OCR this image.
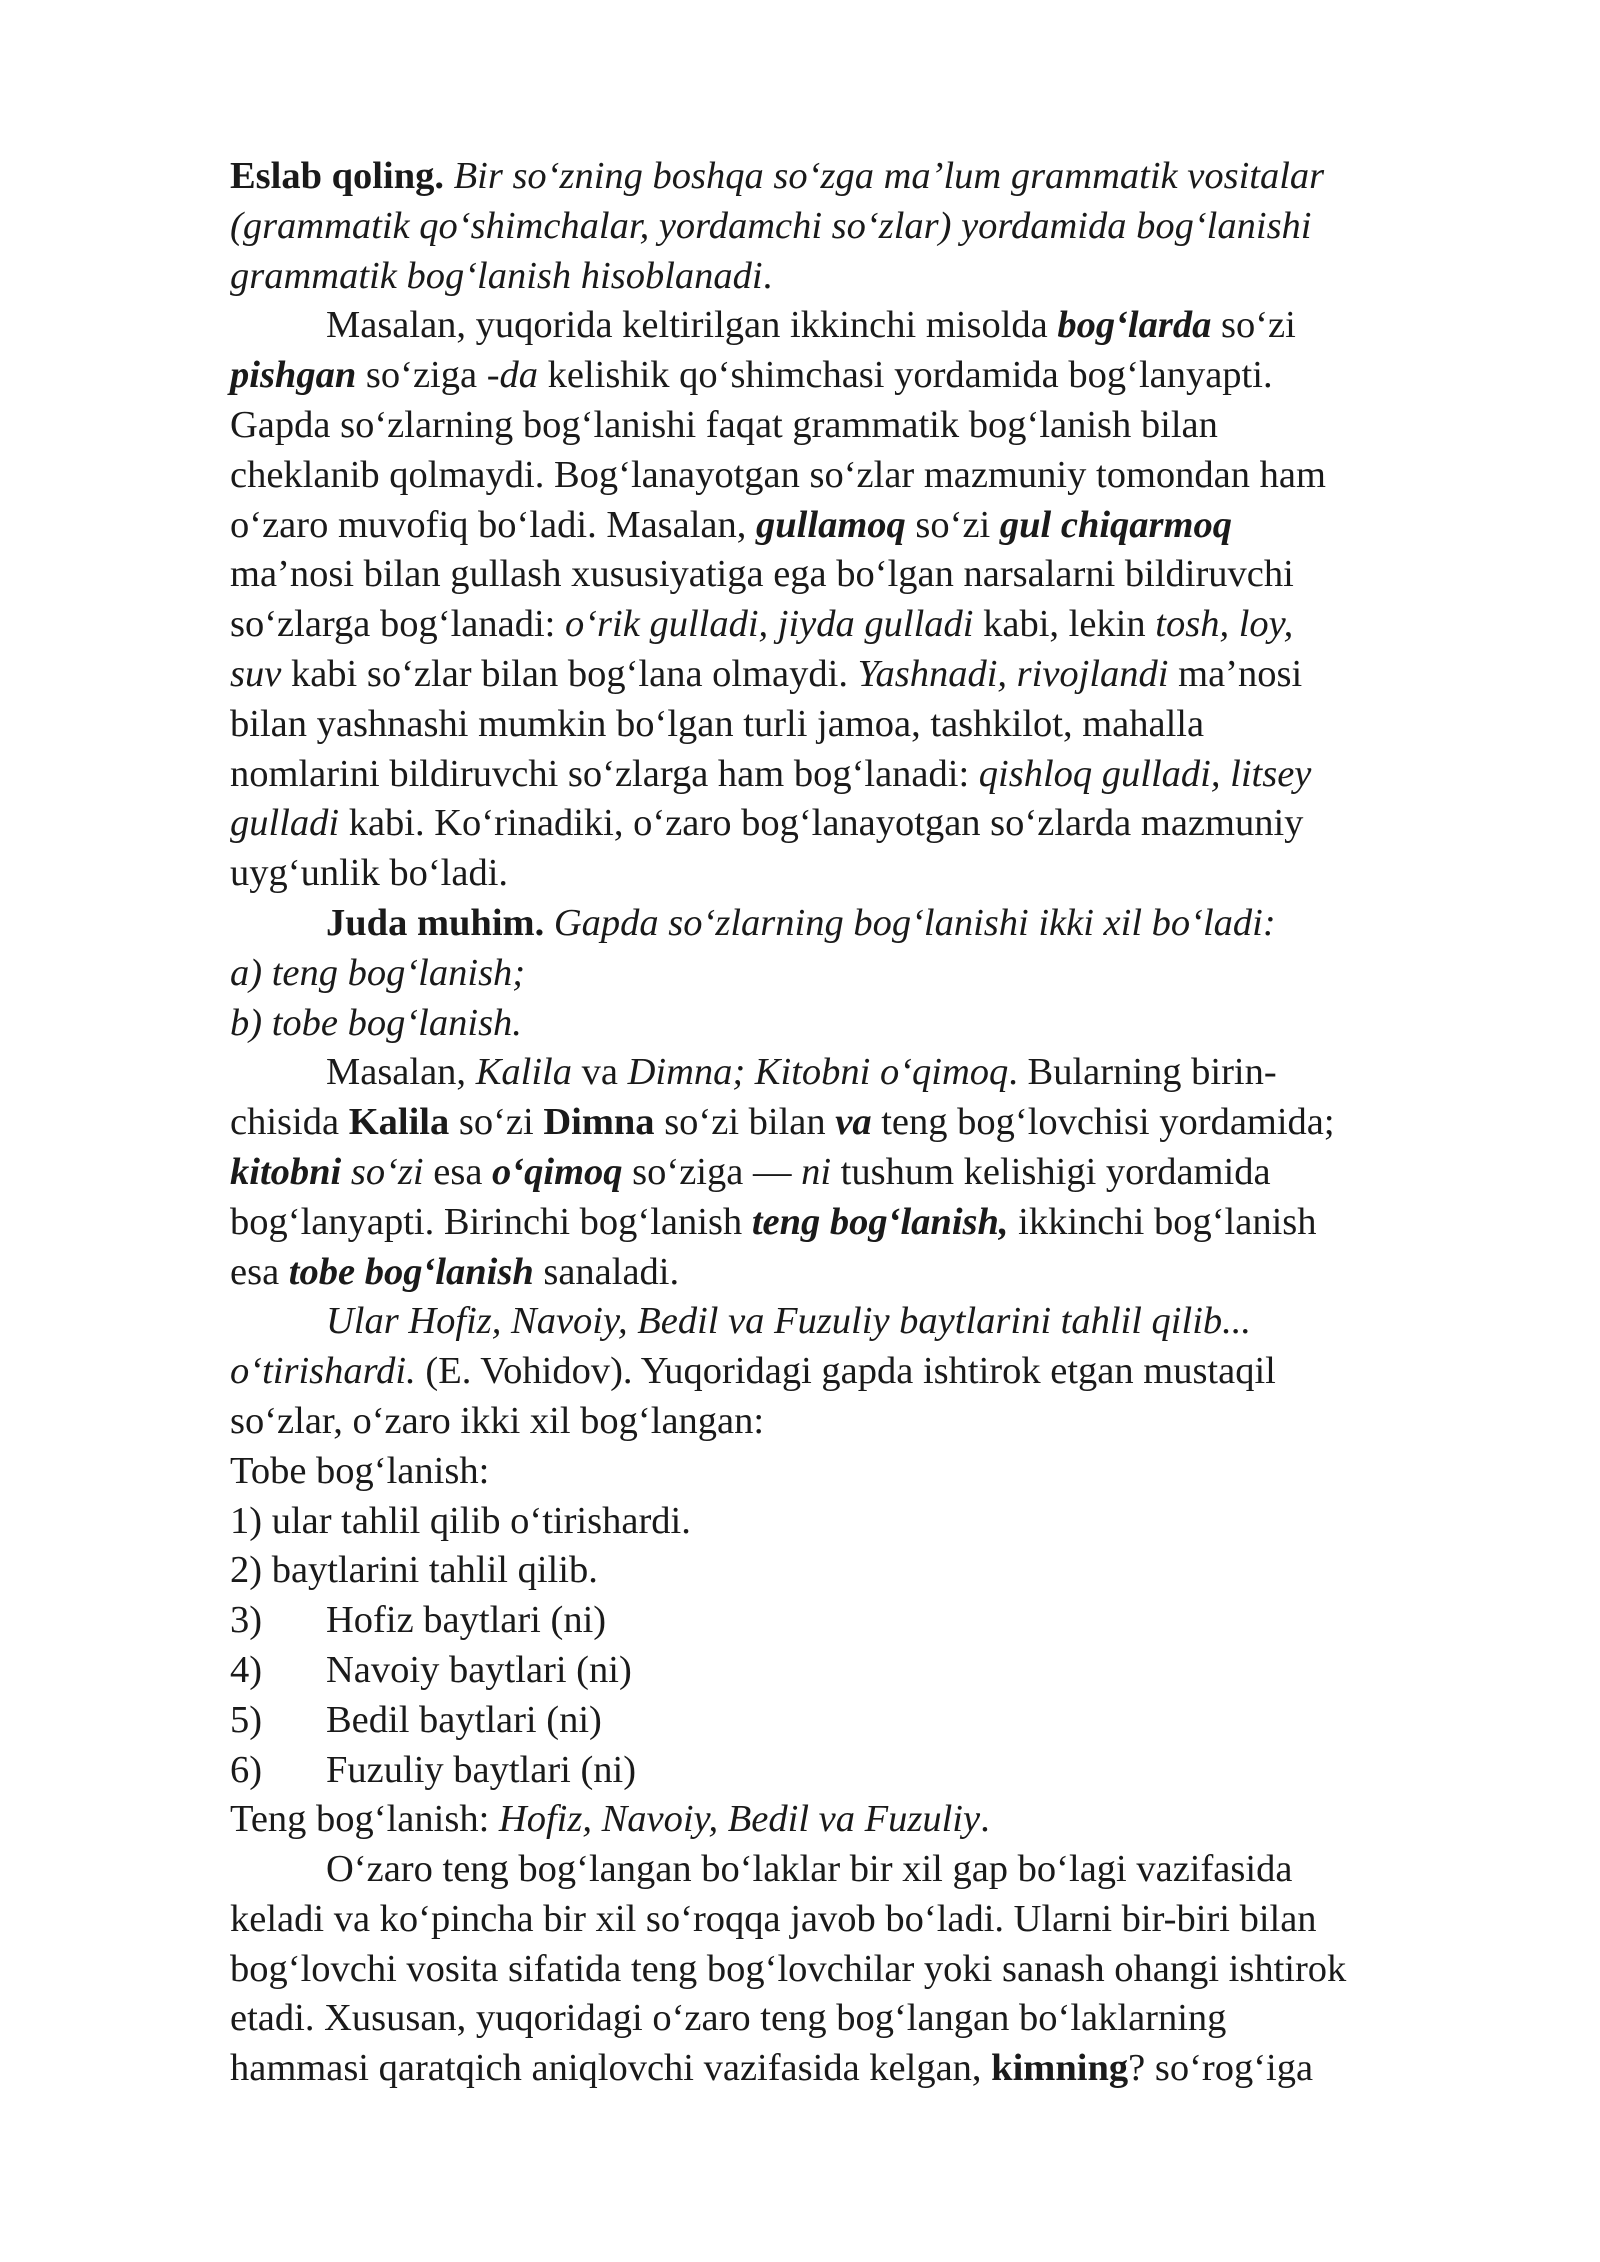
Eslab qoling. Bir so‘zning boshqa so‘zga ma’lum grammatik vositalar
(grammatik qo‘shimchalar, yordamchi so‘zlar) yordamida bog‘lanishi
grammatik bog‘lanish hisoblanadi.
Masalan, yuqorida keltirilgan ikkinchi misolda bog‘larda so‘zi
pishgan so‘ziga -da kelishik qo‘shimchasi yordamida bog‘lanyapti.
Gapda so‘zlarning bog‘lanishi faqat grammatik bog‘lanish bilan
cheklanib qolmaydi. Bog‘lanayotgan so‘zlar mazmuniy tomondan ham
o‘zaro muvofiq bo‘ladi. Masalan, gullamoq so‘zi gul chiqarmoq
ma’nosi bilan gullash xususiyatiga ega bo‘lgan narsalarni bildiruvchi
so‘zlarga bog‘lanadi: o‘rik gulladi, jiyda gulladi kabi, lekin tosh, loy,
suv kabi so‘zlar bilan bog‘lana olmaydi. Yashnadi, rivojlandi ma’nosi
bilan yashnashi mumkin bo‘lgan turli jamoa, tashkilot, mahalla
nomlarini bildiruvchi so‘zlarga ham bog‘lanadi: qishloq gulladi, litsey
gulladi kabi. Ko‘rinadiki, o‘zaro bog‘lanayotgan so‘zlarda mazmuniy
uyg‘unlik bo‘ladi.
Juda muhim. Gapda so‘zlarning bog‘lanishi ikki xil bo‘ladi:
a) teng bog‘lanish;
b) tobe bog‘lanish.
Masalan, Kalila va Dimna; Kitobni o‘qimoq. Bularning birin-
chisida Kalila so‘zi Dimna so‘zi bilan va teng bog‘lovchisi yordamida;
kitobni so‘zi esa o‘qimoq so‘ziga — ni tushum kelishigi yordamida
bog‘lanyapti. Birinchi bog‘lanish teng bog‘lanish, ikkinchi bog‘lanish
esa tobe bog‘lanish sanaladi.
Ular Hofiz, Navoiy, Bedil va Fuzuliy baytlarini tahlil qilib...
o‘tirishardi. (E. Vohidov). Yuqoridagi gapda ishtirok etgan mustaqil
so‘zlar, o‘zaro ikki xil bog‘langan:
Tobe bog‘lanish:
1) ular tahlil qilib o‘tirishardi.
2) baytlarini tahlil qilib.
3) Hofiz baytlari (ni)
4) Navoiy baytlari (ni)
5) Bedil baytlari (ni)
6) Fuzuliy baytlari (ni)
Teng bog‘lanish: Hofiz, Navoiy, Bedil va Fuzuliy.
O‘zaro teng bog‘langan bo‘laklar bir xil gap bo‘lagi vazifasida
keladi va ko‘pincha bir xil so‘roqqa javob bo‘ladi. Ularni bir-biri bilan
bog‘lovchi vosita sifatida teng bog‘lovchilar yoki sanash ohangi ishtirok
etadi. Xususan, yuqoridagi o‘zaro teng bog‘langan bo‘laklarning
hammasi qaratqich aniqlovchi vazifasida kelgan, kimning? so‘rog‘iga
